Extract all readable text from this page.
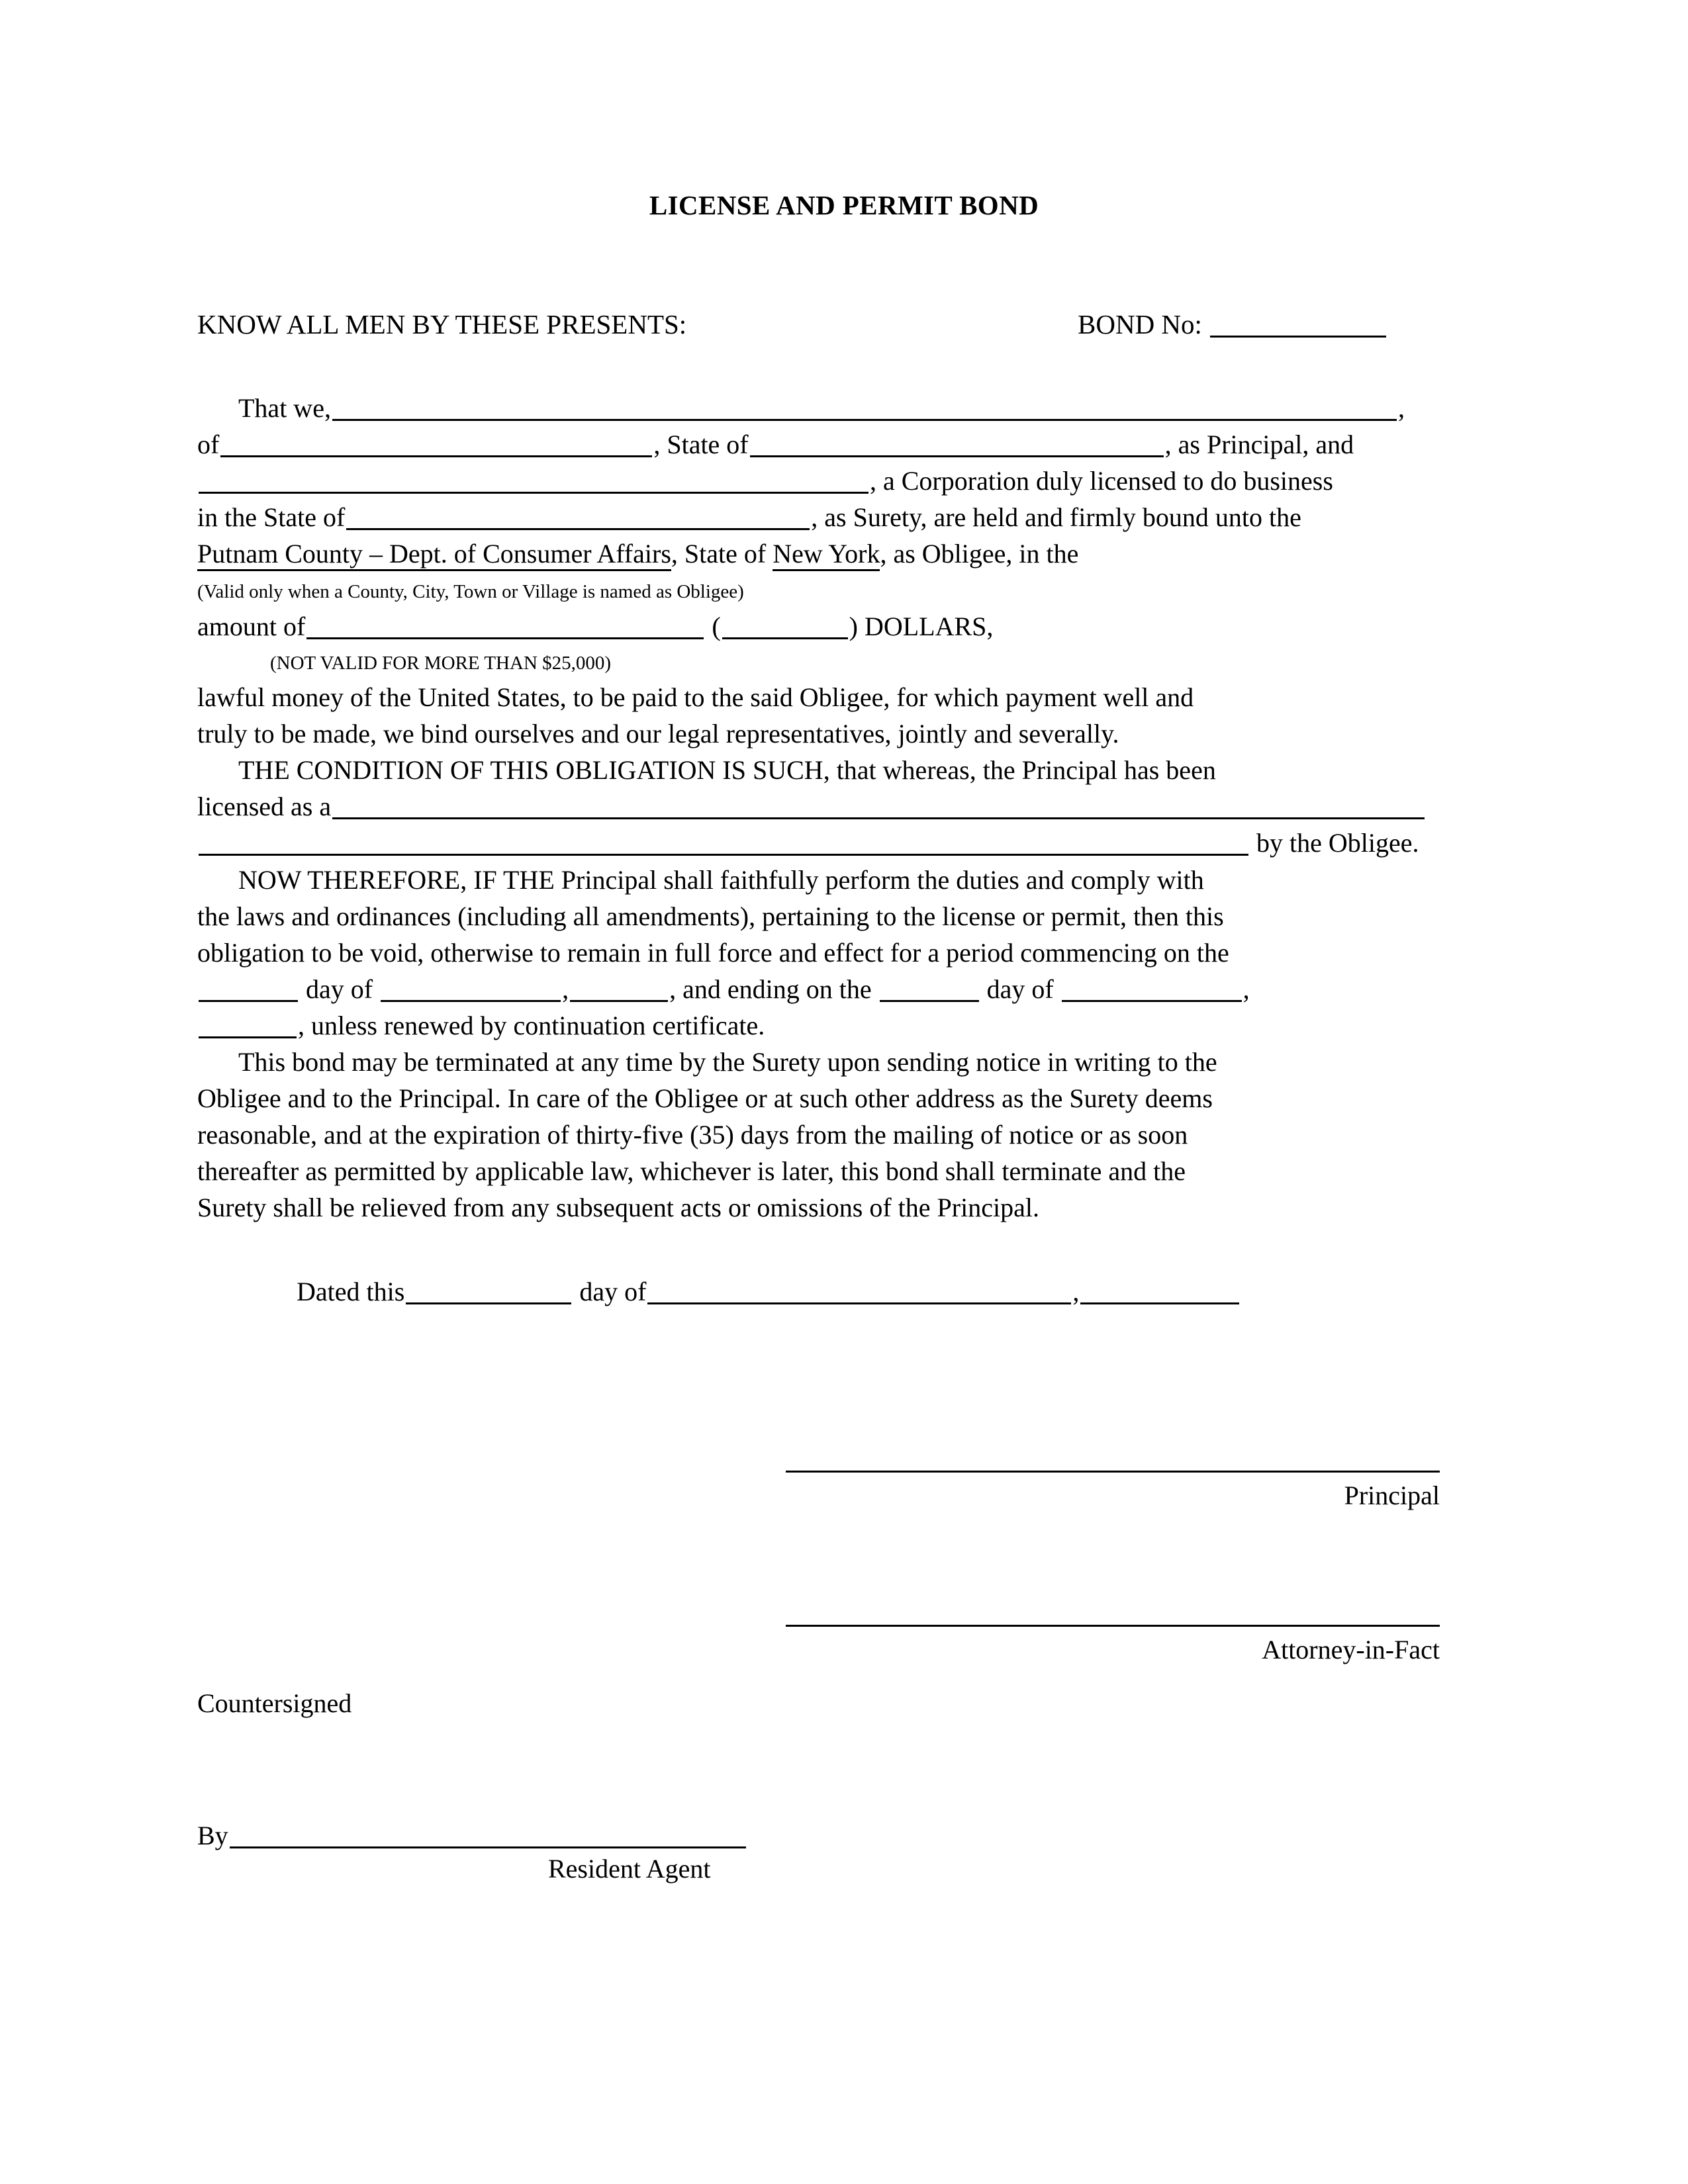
LICENSE AND PERMIT BOND
KNOW ALL MEN BY THESE PRESENTS:	BOND No:
That we,	,
of	, State of	, as Principal, and
, a Corporation duly licensed to do business
in the State of	, as Surety, are held and firmly bound unto the
Putnam County – Dept. of Consumer Affairs, State of New York, as Obligee, in the
(Valid only when a County, City, Town or Village is named as Obligee)
amount of	(	) DOLLARS,
(NOT VALID FOR MORE THAN $25,000)
lawful money of the United States, to be paid to the said Obligee, for which payment well and
truly to be made, we bind ourselves and our legal representatives, jointly and severally.
THE CONDITION OF THIS OBLIGATION IS SUCH, that whereas, the Principal has been
licensed as a
by the Obligee.
NOW THEREFORE, IF THE Principal shall faithfully perform the duties and comply with
the laws and ordinances (including all amendments), pertaining to the license or permit, then this
obligation to be void, otherwise to remain in full force and effect for a period commencing on the
day of	,	, and ending on the	day of	,
, unless renewed by continuation certificate.
This bond may be terminated at any time by the Surety upon sending notice in writing to the
Obligee and to the Principal. In care of the Obligee or at such other address as the Surety deems
reasonable, and at the expiration of thirty-five (35) days from the mailing of notice or as soon
thereafter as permitted by applicable law, whichever is later, this bond shall terminate and the
Surety shall be relieved from any subsequent acts or omissions of the Principal.
Dated this	day of	,
Principal
Attorney-in-Fact
Countersigned
By
Resident Agent
